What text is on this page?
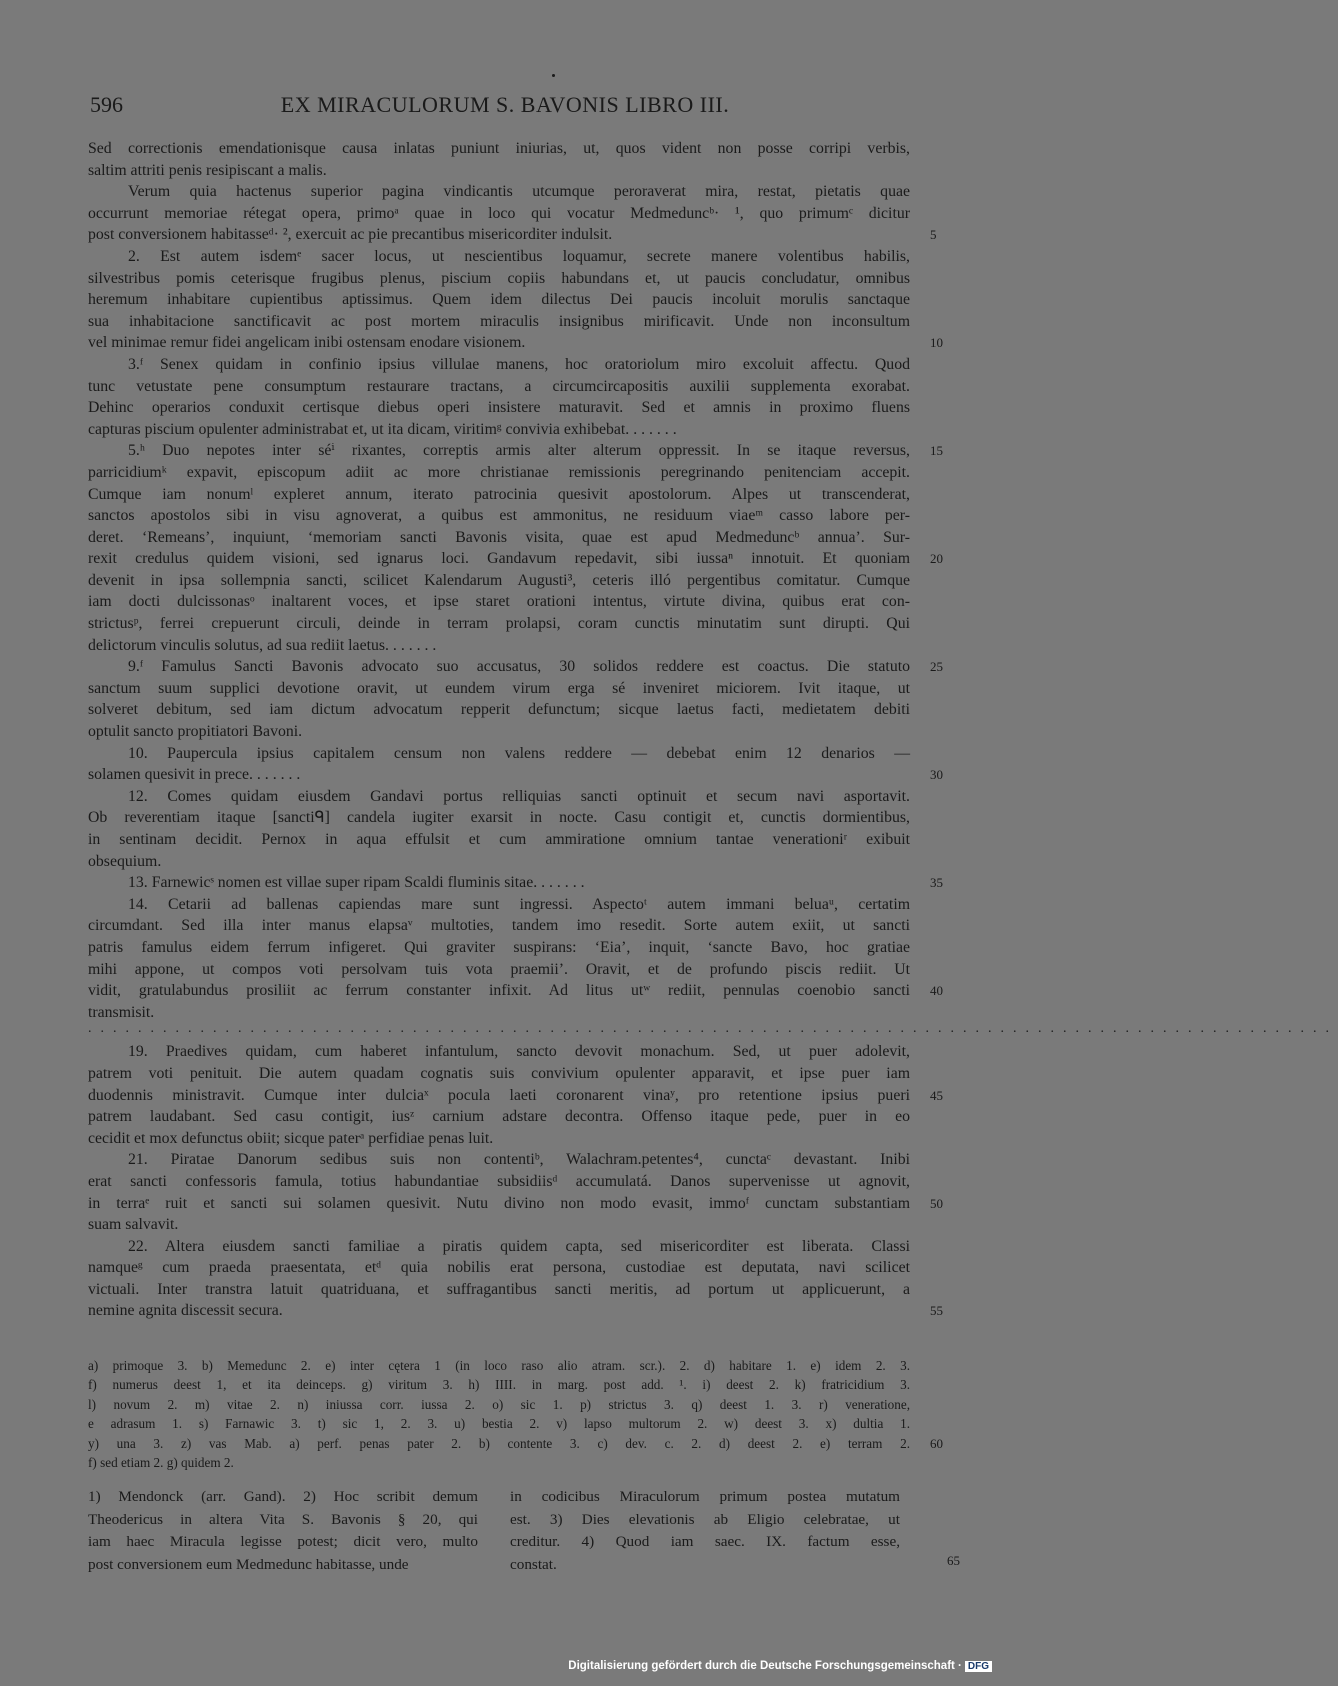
596	EX MIRACULORUM S. BAVONIS LIBRO III.
Sed correctionis emendationisque causa inlatas puniunt iniurias, ut, quos vident non posse corripi verbis,
saltim attriti penis resipiscant a malis.
Verum quia hactenus superior pagina vindicantis utcumque peroraverat mira, restat, pietatis quae
occurrunt memoriae rétegat opera, primoᵃ quae in loco qui vocatur Medmeduncᵇ· ¹, quo primumᶜ dicitur
post conversionem habitasseᵈ· ², exercuit ac pie precantibus misericorditer indulsit.	5
2. Est autem isdemᵉ sacer locus, ut nescientibus loquamur, secrete manere volentibus habilis,
silvestribus pomis ceterisque frugibus plenus, piscium copiis habundans et, ut paucis concludatur, omnibus
heremum inhabitare cupientibus aptissimus. Quem idem dilectus Dei paucis incoluit morulis sanctaque
sua inhabitacione sanctificavit ac post mortem miraculis insignibus mirificavit. Unde non inconsultum
vel minimae remur fidei angelicam inibi ostensam enodare visionem.	10
3.ᶠ Senex quidam in confinio ipsius villulae manens, hoc oratoriolum miro excoluit affectu. Quod
tunc vetustate pene consumptum restaurare tractans, a circumcircapositis auxilii supplementa exorabat.
Dehinc operarios conduxit certisque diebus operi insistere maturavit. Sed et amnis in proximo fluens
capturas piscium opulenter administrabat et, ut ita dicam, viritimᵍ convivia exhibebat. . . . . . .
5.ʰ Duo nepotes inter séⁱ rixantes, correptis armis alter alterum oppressit. In se itaque reversus, 15
parricidiumᵏ expavit, episcopum adiit ac more christianae remissionis peregrinando penitenciam accepit.
Cumque iam nonumˡ expleret annum, iterato patrocinia quesivit apostolorum. Alpes ut transcenderat,
sanctos apostolos sibi in visu agnoverat, a quibus est ammonitus, ne residuum viaeᵐ casso labore per-
deret. ‘Remeans’, inquiunt, ‘memoriam sancti Bavonis visita, quae est apud Medmeduncᵇ annua’. Sur-
rexit credulus quidem visioni, sed ignarus loci. Gandavum repedavit, sibi iussaⁿ innotuit. Et quoniam 20
devenit in ipsa sollempnia sancti, scilicet Kalendarum Augusti³, ceteris illó pergentibus comitatur. Cumque
iam docti dulcissonasᵒ inaltarent voces, et ipse staret orationi intentus, virtute divina, quibus erat con-
strictusᵖ, ferrei crepuerunt circuli, deinde in terram prolapsi, coram cunctis minutatim sunt dirupti. Qui
delictorum vinculis solutus, ad sua rediit laetus. . . . . . .
9.ᶠ Famulus Sancti Bavonis advocato suo accusatus, 30 solidos reddere est coactus. Die statuto 25
sanctum suum supplici devotione oravit, ut eundem virum erga sé inveniret miciorem. Ivit itaque, ut
solveret debitum, sed iam dictum advocatum repperit defunctum; sicque laetus facti, medietatem debiti
optulit sancto propitiatori Bavoni.
10. Paupercula ipsius capitalem censum non valens reddere — debebat enim 12 denarios —
solamen quesivit in prece. . . . . . .	30
12. Comes quidam eiusdem Gandavi portus relliquias sancti optinuit et secum navi asportavit.
Ob reverentiam itaque [sanctiᑫ] candela iugiter exarsit in nocte. Casu contigit et, cunctis dormientibus,
in sentinam decidit. Pernox in aqua effulsit et cum ammiratione omnium tantae venerationiʳ exibuit
obsequium.
13. Farnewicˢ nomen est villae super ripam Scaldi fluminis sitae. . . . . . .	35
14. Cetarii ad ballenas capiendas mare sunt ingressi. Aspectoᵗ autem immani beluaᵘ, certatim
circumdant. Sed illa inter manus elapsaᵛ multoties, tandem imo resedit. Sorte autem exiit, ut sancti
patris famulus eidem ferrum infigeret. Qui graviter suspirans: ‘Eia’, inquit, ‘sancte Bavo, hoc gratiae
mihi appone, ut compos voti persolvam tuis vota praemii’. Oravit, et de profundo piscis rediit. Ut
vidit, gratulabundus prosiliit ac ferrum constanter infixit. Ad litus utʷ rediit, pennulas coenobio sancti 40
transmisit.
....................................................................................................
19. Praedives quidam, cum haberet infantulum, sancto devovit monachum. Sed, ut puer adolevit,
patrem voti penituit. Die autem quadam cognatis suis convivium opulenter apparavit, et ipse puer iam
duodennis ministravit. Cumque inter dulciaˣ pocula laeti coronarent vinaʸ, pro retentione ipsius pueri 45
patrem laudabant. Sed casu contigit, iusᶻ carnium adstare decontra. Offenso itaque pede, puer in eo
cecidit et mox defunctus obiit; sicque paterᵃ perfidiae penas luit.
21. Piratae Danorum sedibus suis non contentiᵇ, Walachram.petentes⁴, cunctaᶜ devastant. Inibi
erat sancti confessoris famula, totius habundantiae subsidiisᵈ accumulatá. Danos supervenisse ut agnovit,
in terraᵉ ruit et sancti sui solamen quesivit. Nutu divino non modo evasit, immoᶠ cunctam substantiam 50
suam salvavit.
22. Altera eiusdem sancti familiae a piratis quidem capta, sed misericorditer est liberata. Classi
namqueᵍ cum praeda praesentata, etᵈ quia nobilis erat persona, custodiae est deputata, navi scilicet
victuali. Inter transtra latuit quatriduana, et suffragantibus sancti meritis, ad portum ut applicuerunt, a
nemine agnita discessit secura.	55
a) primoque 3. b) Memedunc 2. e) inter cętera 1 (in loco raso alio atram. scr.). 2. d) habitare 1. e) idem 2. 3.
f) numerus deest 1, et ita deinceps. g) viritum 3. h) IIII. in marg. post add. ¹. i) deest 2. k) fratricidium 3.
l) novum 2. m) vitae 2. n) iniussa corr. iussa 2. o) sic 1. p) strictus 3. q) deest 1. 3. r) veneratione,
e adrasum 1. s) Farnawic 3. t) sic 1, 2. 3. u) bestia 2. v) lapso multorum 2. w) deest 3. x) dultia 1.
y) una 3. z) vas Mab. a) perf. penas pater 2. b) contente 3. c) dev. c. 2. d) deest 2. e) terram 2. 60
f) sed etiam 2. g) quidem 2.
1) Mendonck (arr. Gand). 2) Hoc scribit demum
Theodericus in altera Vita S. Bavonis § 20, qui
iam haec Miracula legisse potest; dicit vero, multo
post conversionem eum Medmedunc habitasse, unde
in codicibus Miraculorum primum postea mutatum
est. 3) Dies elevationis ab Eligio celebratae, ut
creditur. 4) Quod iam saec. IX. factum esse,
constat.	65
Digitalisierung gefördert durch die Deutsche Forschungsgemeinschaft · DFG
